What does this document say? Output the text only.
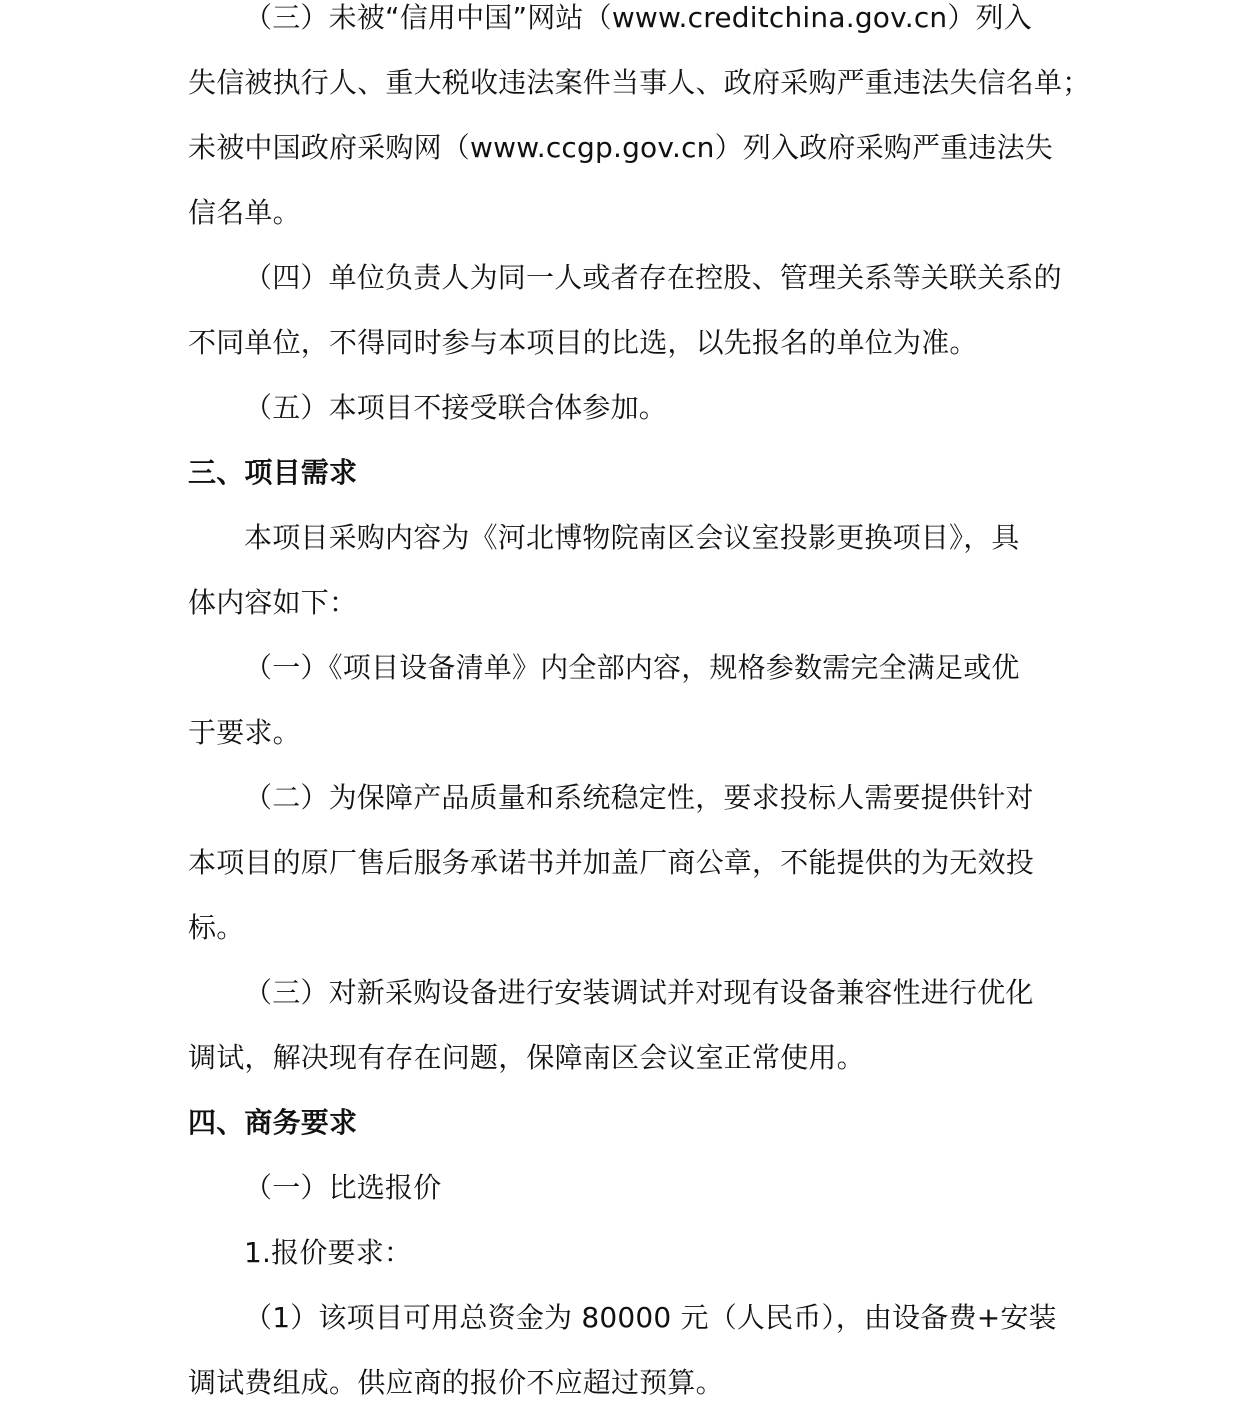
（三）未被“信用中国”网站（www.creditchina.gov.cn）列入
失信被执行人、重大税收违法案件当事人、政府采购严重违法失信名单；
未被中国政府采购网（www.ccgp.gov.cn）列入政府采购严重违法失
信名单。
（四）单位负责人为同一人或者存在控股、管理关系等关联关系的
不同单位，不得同时参与本项目的比选，以先报名的单位为准。
（五）本项目不接受联合体参加。
三、项目需求
本项目采购内容为《河北博物院南区会议室投影更换项目》，具
体内容如下：
（一）《项目设备清单》内全部内容，规格参数需完全满足或优
于要求。
（二）为保障产品质量和系统稳定性，要求投标人需要提供针对
本项目的原厂售后服务承诺书并加盖厂商公章，不能提供的为无效投
标。
（三）对新采购设备进行安装调试并对现有设备兼容性进行优化
调试，解决现有存在问题，保障南区会议室正常使用。
四、商务要求
（一）比选报价
1.报价要求：
（1）该项目可用总资金为 80000 元（人民币），由设备费+安装
调试费组成。供应商的报价不应超过预算。
